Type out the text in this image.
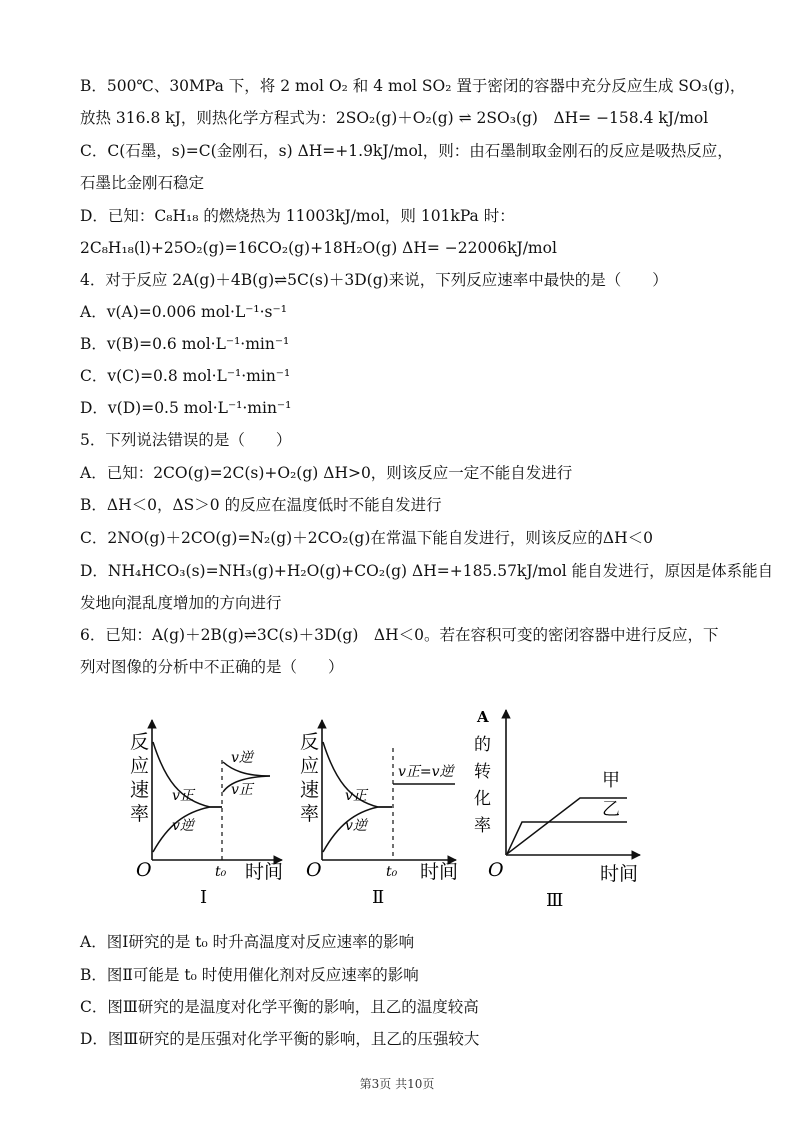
B．500℃、30MPa 下，将 2 mol O₂ 和 4 mol SO₂ 置于密闭的容器中充分反应生成 SO₃(g)，
放热 316.8 kJ，则热化学方程式为：2SO₂(g)＋O₂(g) ⇌ 2SO₃(g)　ΔH= −158.4 kJ/mol
C．C(石墨，s)=C(金刚石，s) ΔH=+1.9kJ/mol，则：由石墨制取金刚石的反应是吸热反应，
石墨比金刚石稳定
D．已知：C₈H₁₈ 的燃烧热为 11003kJ/mol，则 101kPa 时：
2C₈H₁₈(l)+25O₂(g)=16CO₂(g)+18H₂O(g) ΔH= −22006kJ/mol
4．对于反应 2A(g)＋4B(g)⇌5C(s)＋3D(g)来说，下列反应速率中最快的是（　　）
A．v(A)=0.006 mol·L⁻¹·s⁻¹
B．v(B)=0.6 mol·L⁻¹·min⁻¹
C．v(C)=0.8 mol·L⁻¹·min⁻¹
D．v(D)=0.5 mol·L⁻¹·min⁻¹
5．下列说法错误的是（　　）
A．已知：2CO(g)=2C(s)+O₂(g) ΔH>0，则该反应一定不能自发进行
B．ΔH＜0，ΔS＞0 的反应在温度低时不能自发进行
C．2NO(g)＋2CO(g)=N₂(g)＋2CO₂(g)在常温下能自发进行，则该反应的ΔH＜0
D．NH₄HCO₃(s)=NH₃(g)+H₂O(g)+CO₂(g) ΔH=+185.57kJ/mol 能自发进行，原因是体系能自
发地向混乱度增加的方向进行
6．已知：A(g)＋2B(g)⇌3C(s)＋3D(g)　ΔH＜0。若在容积可变的密闭容器中进行反应，下
列对图像的分析中不正确的是（　　）
反
应
速
率
v正
v逆
v逆
v正
O	t₀ 时间
Ⅰ
反
应
速
率
v正
v逆
v正=v逆
O	t₀ 时间
Ⅱ
A
的
转
化
率
甲
乙
O	时间
Ⅲ
A．图Ⅰ研究的是 t₀ 时升高温度对反应速率的影响
B．图Ⅱ可能是 t₀ 时使用催化剂对反应速率的影响
C．图Ⅲ研究的是温度对化学平衡的影响，且乙的温度较高
D．图Ⅲ研究的是压强对化学平衡的影响，且乙的压强较大
第3页 共10页
